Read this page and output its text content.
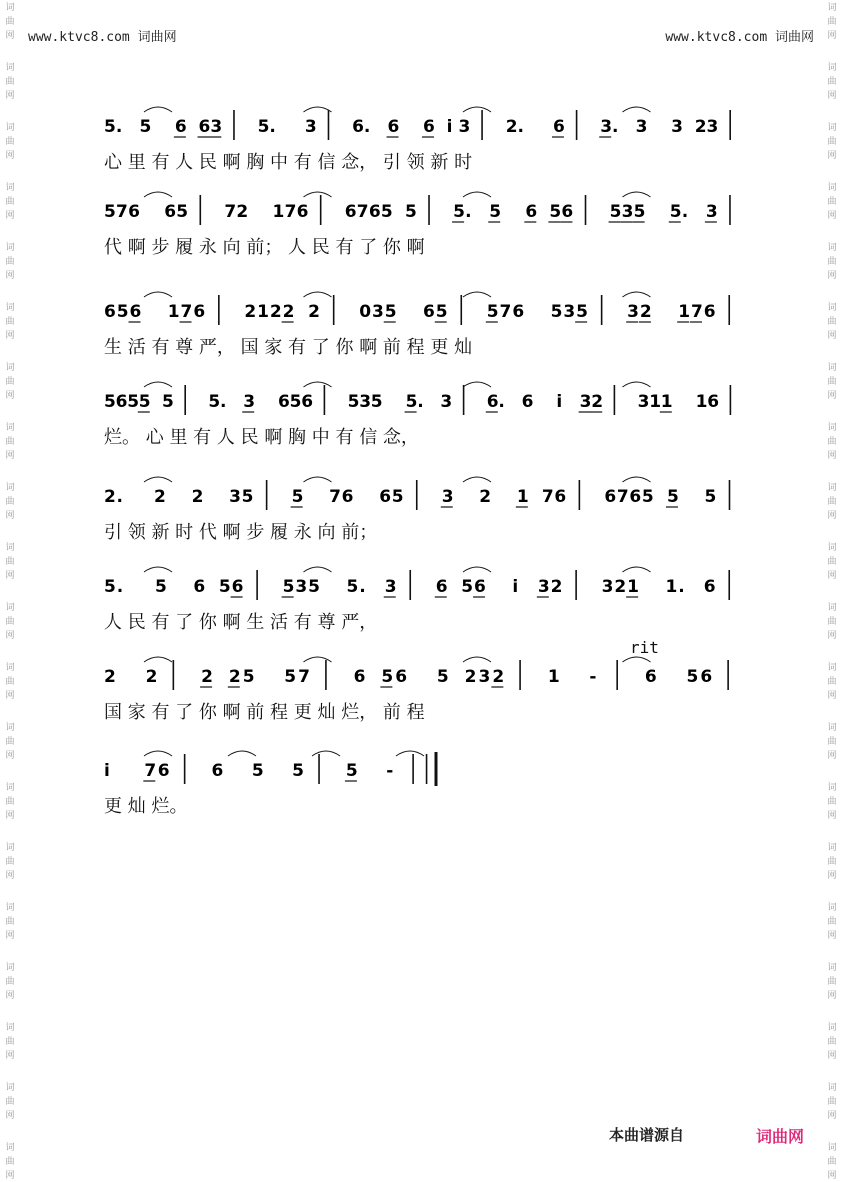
词
曲
网
词
曲
网
词
曲
网
词
曲
网
词
曲
网
词
曲
网
词
曲
网
词
曲
网
词
曲
网
词
曲
网
词
曲
网
词
曲
网
词
曲
网
词
曲
网
词
曲
网
词
曲
网
词
曲
网
词
曲
网
词
曲
网
词
曲
网
词
曲
网
词
曲
网
词
曲
网
词
曲
网
词
曲
网
词
曲
网
词
曲
网
词
曲
网
词
曲
网
词
曲
网
词
曲
网
词
曲
网
词
曲
网
词
曲
网
词
曲
网
词
曲
网
词
曲
网
词
曲
网
词
曲
网
词
曲
网
www.ktvc8.com 词曲网	www.ktvc8.com 词曲网
5 . 5 6 6 3 5 . 3 6 . 6 6 i 3 2 . 6 3 . 3 3 2 3
心 里 有 人 民 啊 胸 中 有 信 念， 引 领 新 时
5 7 6 6 5 7 2 1 7 6 6 7 6 5 5 5 . 5 6 5 6 5 3 5 5 . 3
代 啊 步 履 永 向 前； 人 民 有 了 你 啊
6 5 6 1 7 6 2 1 2 2 2 0 3 5 6 5 5 7 6 5 3 5 3 2 1 7 6
生 活 有 尊 严， 国 家 有 了 你 啊 前 程 更 灿
5 6 5 5 5 5 . 3 6 5 6 5 3 5 5 . 3 6 . 6 i 3 2 3 1 1 1 6
烂。 心 里 有 人 民 啊 胸 中 有 信 念，
2 . 2 2 3 5 5 7 6 6 5 3 2 1 7 6 6 7 6 5 5 5
引 领 新 时 代 啊 步 履 永 向 前；
5 . 5 6 5 6 5 3 5 5 . 3 6 5 6 i 3 2 3 2 1 1 . 6
人 民 有 了 你 啊 生 活 有 尊 严，
2 2	2 2 5 5 7	6 5 6 5 2 3 2	1 -	6 5 6
国 家 有 了 你 啊 前 程 更 灿 烂， 前 程
rit
i 7 6 6 5 5 5 -
更 灿 烂。
本曲谱源自	词曲网
